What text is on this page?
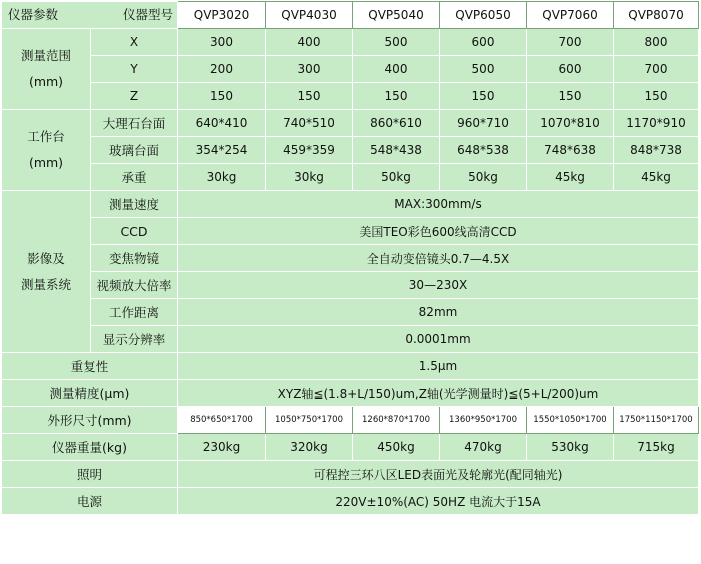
仪器型号
仪器参数		QVP3020	QVP4030	QVP5040	QVP6050	QVP7060	QVP8070

测量范围
(mm)	X	300	400	500	600	700	800
	Y	200	300	400	500	600	700
	Z	150	150	150	150	150	150

工作台
(mm)	大理石台面	640*410	740*510	860*610	960*710	1070*810	1170*910
	玻璃台面	354*254	459*359	548*438	648*538	748*638	848*738
	承重	30kg	30kg	50kg	50kg	45kg	45kg

影像及
测量系统	测量速度	MAX:300mm/s					
	CCD	美国TEO彩色600线高清CCD					
	变焦物镜	全自动变倍镜头0.7—4.5X					
	视频放大倍率	30—230X					
	工作距离	82mm					
	显示分辨率	0.0001mm					
重复性		1.5μm					
测量精度(μm)		XYZ轴≦(1.8+L/150)um,Z轴(光学测量时)≦(5+L/200)um					
外形尺寸(mm)		850*650*1700	1050*750*1700	1260*870*1700	1360*950*1700	1550*1050*1700	1750*1150*1700
仪器重量(kg)		230kg	320kg	450kg	470kg	530kg	715kg
照明		可程控三环八区LED表面光及轮廓光(配同轴光)					
电源		220V±10%(AC) 50HZ 电流大于15A					
